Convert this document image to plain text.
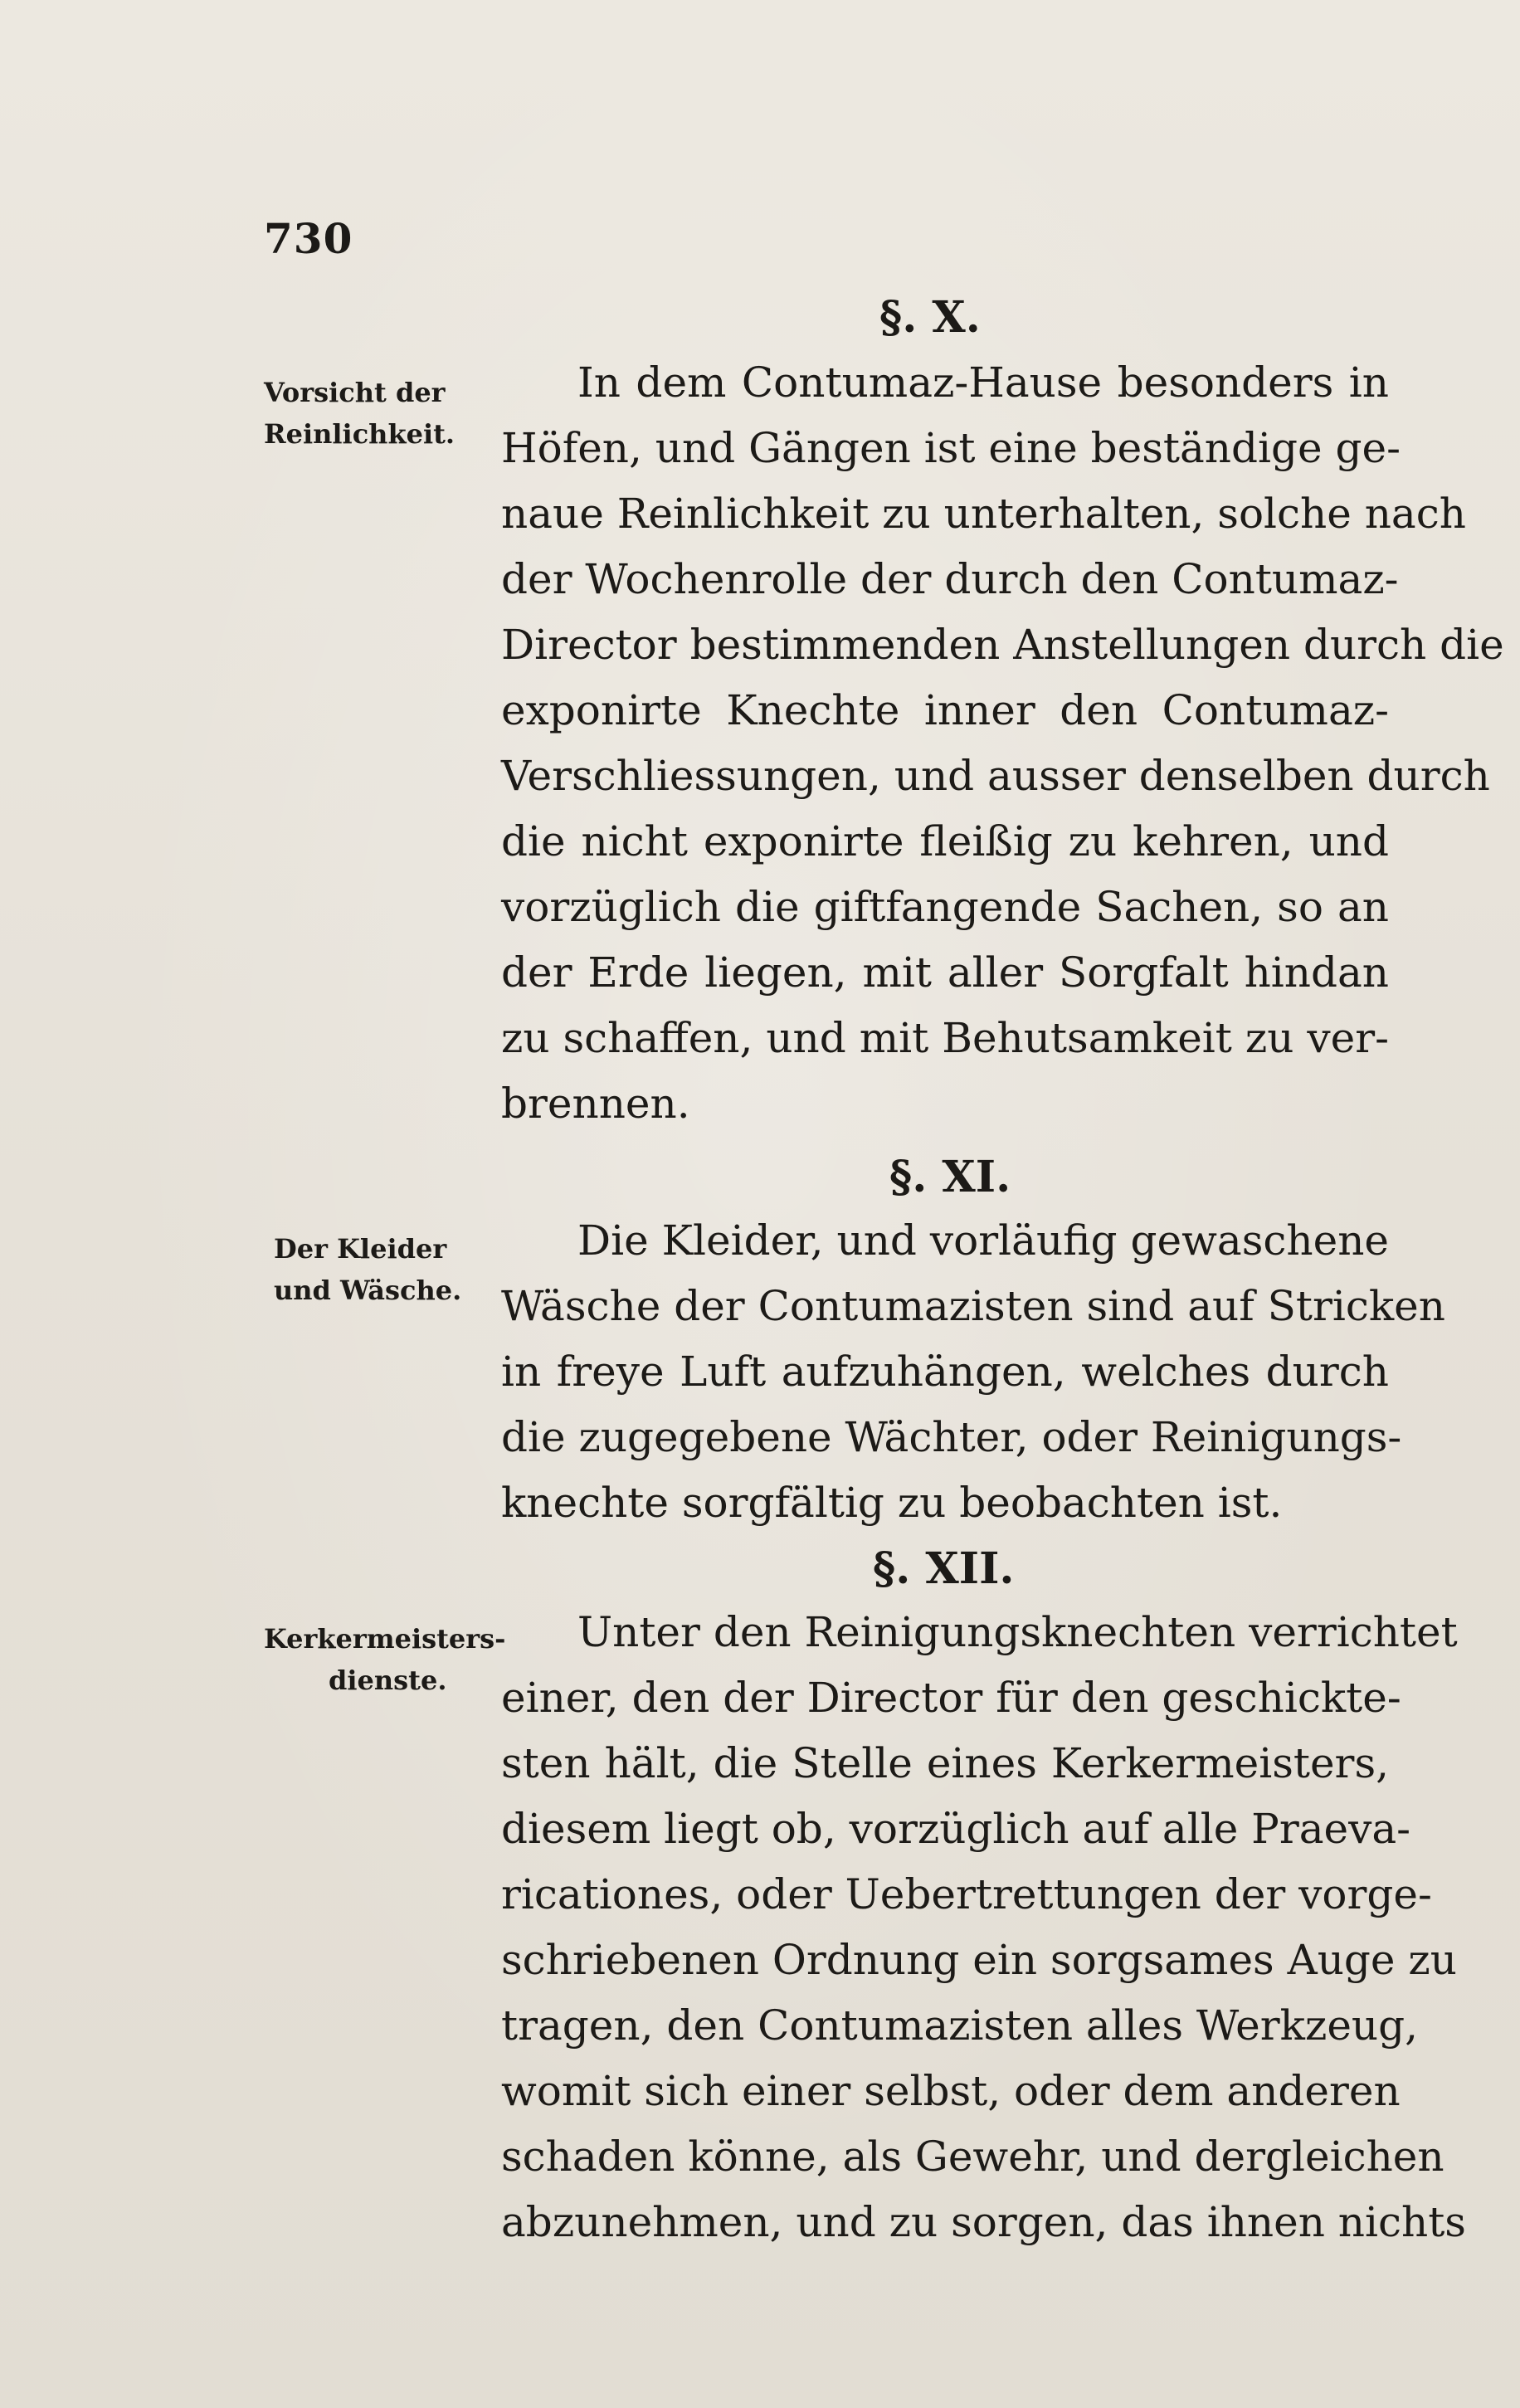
730
§. X.
Vorsicht der
Reinlichkeit.
In dem Contumaz-Hause besonders in
Höfen, und Gängen ist eine beständige ge-
naue Reinlichkeit zu unterhalten, solche nach
der Wochenrolle der durch den Contumaz-
Director bestimmenden Anstellungen durch die
exponirte Knechte inner den Contumaz-
Verschliessungen, und ausser denselben durch
die nicht exponirte fleißig zu kehren, und
vorzüglich die giftfangende Sachen, so an
der Erde liegen, mit aller Sorgfalt hindan
zu schaffen, und mit Behutsamkeit zu ver-
brennen.
§. XI.
Der Kleider
und Wäsche.
Die Kleider, und vorläufig gewaschene
Wäsche der Contumazisten sind auf Stricken
in freye Luft aufzuhängen, welches durch
die zugegebene Wächter, oder Reinigungs-
knechte sorgfältig zu beobachten ist.
§. XII.
Kerkermeisters-
dienste.
Unter den Reinigungsknechten verrichtet
einer, den der Director für den geschickte-
sten hält, die Stelle eines Kerkermeisters,
diesem liegt ob, vorzüglich auf alle Praeva-
ricationes, oder Uebertrettungen der vorge-
schriebenen Ordnung ein sorgsames Auge zu
tragen, den Contumazisten alles Werkzeug,
womit sich einer selbst, oder dem anderen
schaden könne, als Gewehr, und dergleichen
abzunehmen, und zu sorgen, das ihnen nichts
